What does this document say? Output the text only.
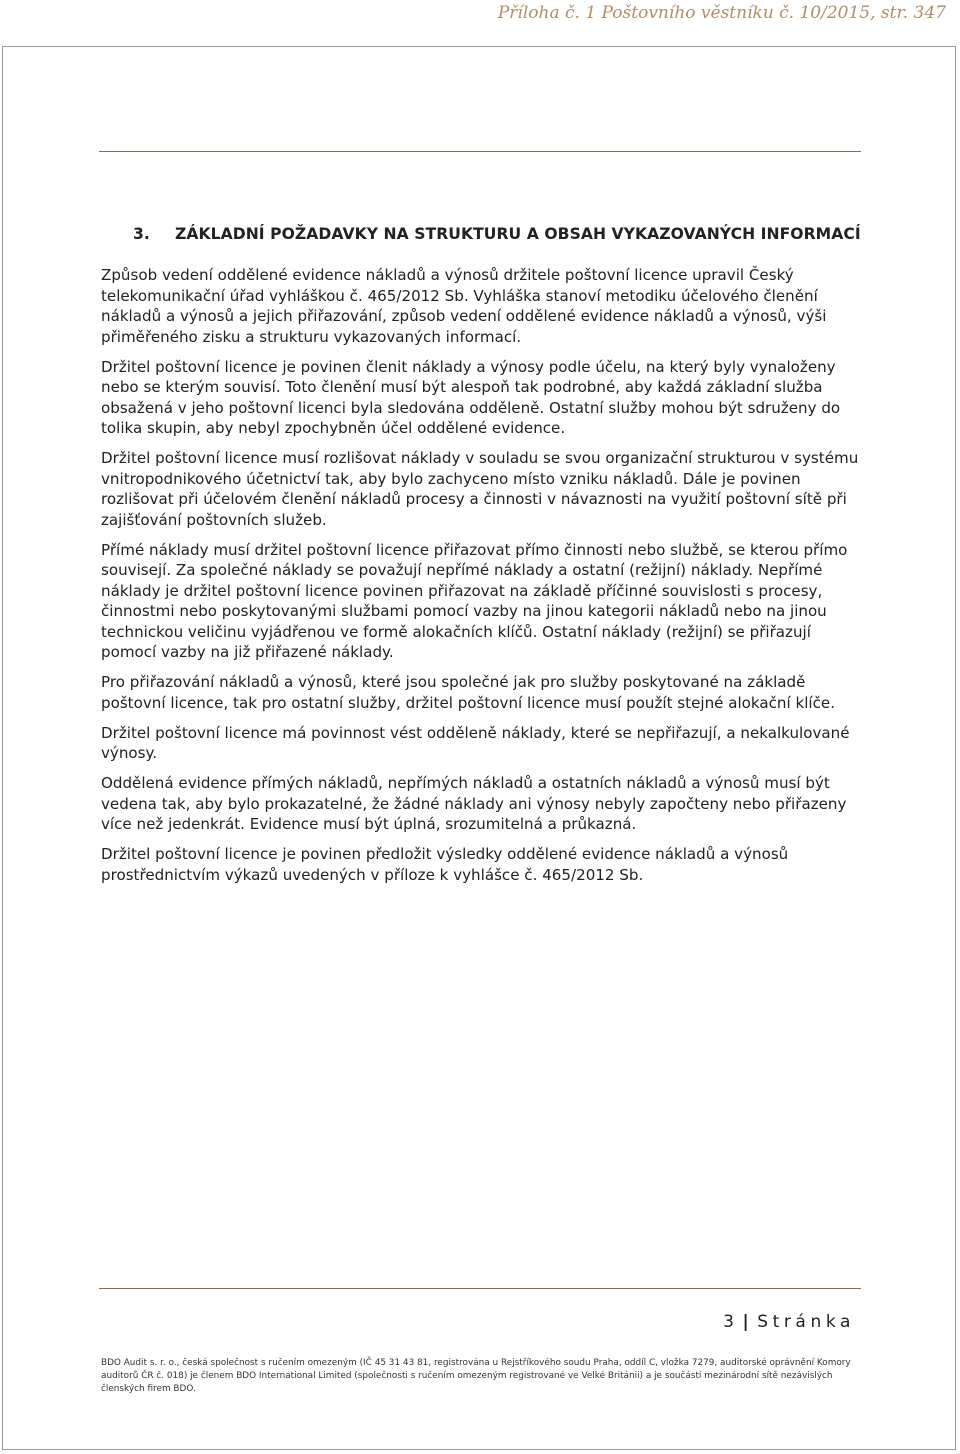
Příloha č. 1 Poštovního věstníku č. 10/2015, str. 347
3. ZÁKLADNÍ POŽADAVKY NA STRUKTURU A OBSAH VYKAZOVANÝCH INFORMACÍ

Způsob vedení oddělené evidence nákladů a výnosů držitele poštovní licence upravil Český telekomunikační úřad vyhláškou č. 465/2012 Sb. Vyhláška stanoví metodiku účelového členění nákladů a výnosů a jejich přiřazování, způsob vedení oddělené evidence nákladů a výnosů, výši přiměřeného zisku a strukturu vykazovaných informací.

Držitel poštovní licence je povinen členit náklady a výnosy podle účelu, na který byly vynaloženy nebo se kterým souvisí. Toto členění musí být alespoň tak podrobné, aby každá základní služba obsažená v jeho poštovní licenci byla sledována odděleně. Ostatní služby mohou být sdruženy do tolika skupin, aby nebyl zpochybněn účel oddělené evidence.

Držitel poštovní licence musí rozlišovat náklady v souladu se svou organizační strukturou v systému vnitropodnikového účetnictví tak, aby bylo zachyceno místo vzniku nákladů. Dále je povinen rozlišovat při účelovém členění nákladů procesy a činnosti v návaznosti na využití poštovní sítě při zajišťování poštovních služeb.

Přímé náklady musí držitel poštovní licence přiřazovat přímo činnosti nebo službě, se kterou přímo souvisejí. Za společné náklady se považují nepřímé náklady a ostatní (režijní) náklady. Nepřímé náklady je držitel poštovní licence povinen přiřazovat na základě příčinné souvislosti s procesy, činnostmi nebo poskytovanými službami pomocí vazby na jinou kategorii nákladů nebo na jinou technickou veličinu vyjádřenou ve formě alokačních klíčů. Ostatní náklady (režijní) se přiřazují pomocí vazby na již přiřazené náklady.

Pro přiřazování nákladů a výnosů, které jsou společné jak pro služby poskytované na základě poštovní licence, tak pro ostatní služby, držitel poštovní licence musí použít stejné alokační klíče.

Držitel poštovní licence má povinnost vést odděleně náklady, které se nepřiřazují, a nekalkulované výnosy.

Oddělená evidence přímých nákladů, nepřímých nákladů a ostatních nákladů a výnosů musí být vedena tak, aby bylo prokazatelné, že žádné náklady ani výnosy nebyly započteny nebo přiřazeny více než jedenkrát. Evidence musí být úplná, srozumitelná a průkazná.

Držitel poštovní licence je povinen předložit výsledky oddělené evidence nákladů a výnosů prostřednictvím výkazů uvedených v příloze k vyhlášce č. 465/2012 Sb.

3 | Stránka
BDO Audit s. r. o., česká společnost s ručením omezeným (IČ 45 31 43 81, registrována u Rejstříkového soudu Praha, oddíl C, vložka 7279, auditorské oprávnění Komory auditorů ČR č. 018) je členem BDO International Limited (společnosti s ručením omezeným registrované ve Velké Británii) a je součástí mezinárodní sítě nezávislých členských firem BDO.
